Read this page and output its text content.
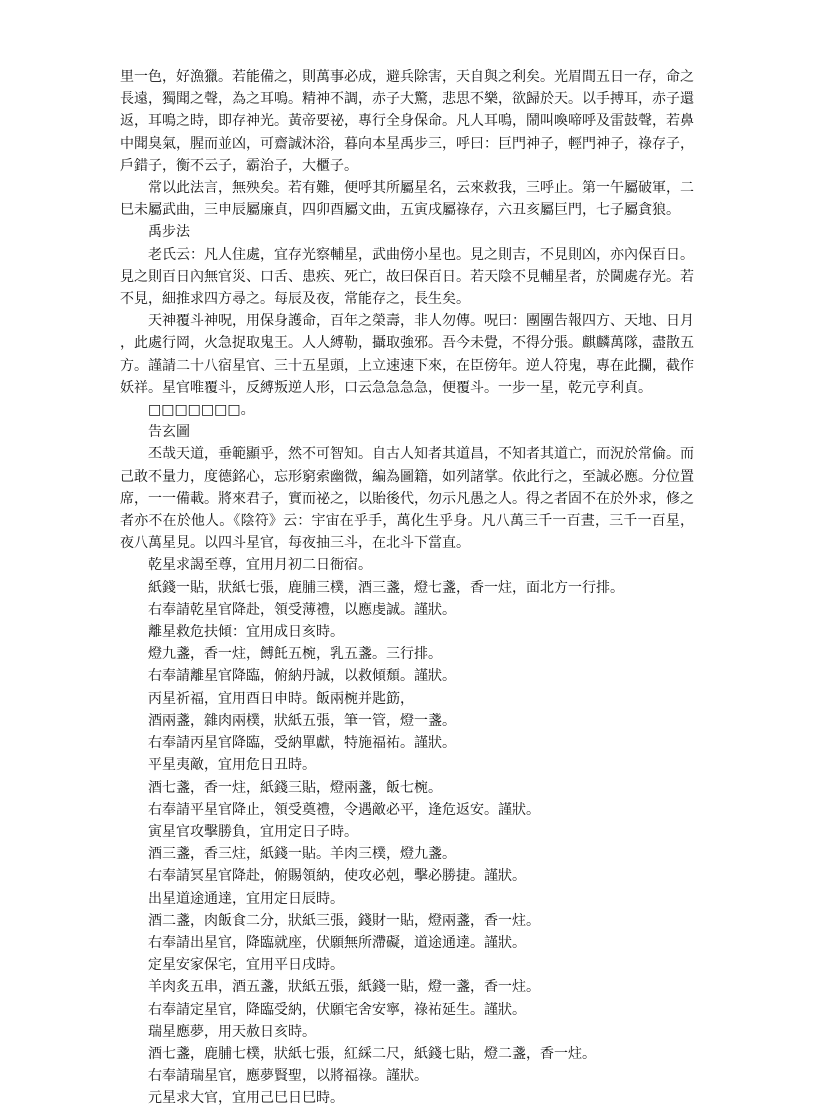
里一色，好漁獵。若能備之，則萬事必成，避兵除害，天自與之利矣。光眉間五日一存，命之長遠，獨聞之聲，為之耳鳴。精神不調，赤子大驚，悲思不樂，欲歸於天。以手搏耳，赤子還返，耳鳴之時，即存神光。黃帝要祕，專行全身保命。凡人耳鳴，鬧叫喚啼呼及雷鼓聲，若鼻中聞臭氣，腥而並凶，可齋誠沐浴，暮向本星禹步三，呼曰：巨門神子，輕門神子，祿存子，戶錯子，衡不云子，霸治子，大櫃子。

常以此法言，無殃矣。若有難，便呼其所屬星名，云來救我，三呼止。第一午屬破軍，二巳未屬武曲，三申辰屬廉貞，四卯酉屬文曲，五寅戌屬祿存，六丑亥屬巨門，七子屬貪狼。

禹步法

老氏云：凡人住處，宜存光察輔星，武曲傍小星也。見之則吉，不見則凶，亦內保百日。見之則百日內無官災、口舌、患疾、死亡，故曰保百日。若天陰不見輔星者，於閫處存光。若不見，細推求四方尋之。每辰及夜，常能存之，長生矣。

天神覆斗神呪，用保身護命，百年之榮壽，非人勿傳。呪曰：團團告報四方、天地、日月，此處行岡，火急捉取鬼王。人人縛勒，攝取強邪。吾今未覺，不得分張。麒麟萬隊，盡散五方。謹請二十八宿星官、三十五星頭，上立速速下來，在臣傍年。逆人符鬼，專在此攔，截作妖祥。星官唯覆斗，反縛叛逆人形，口云急急急急，便覆斗。一步一星，乾元亨利貞。

□□□□□□□。

告玄圖

丕哉天道，垂範顯乎，然不可智知。自古人知者其道昌，不知者其道亡，而況於常倫。而己敢不量力，度德銘心，忘形窮索幽微，編為圖籍，如列諸掌。依此行之，至誠必應。分位置席，一一備載。將來君子，實而祕之，以貽後代，勿示凡愚之人。得之者固不在於外求，修之者亦不在於他人。《陰符》云：宇宙在乎手，萬化生乎身。凡八萬三千一百晝，三千一百星，夜八萬星見。以四斗星官，每夜抽三斗，在北斗下當直。

乾星求謁至尊，宜用月初二日衙宿。

紙錢一貼，狀紙七張，鹿脯三樸，酒三盞，燈七盞，香一炷，面北方一行排。

右奉請乾星官降赴，領受薄禮，以應虔誠。謹狀。

離星救危扶傾：宜用成日亥時。

燈九盞，香一炷，餺飥五椀，乳五盞。三行排。

右奉請離星官降臨，俯納丹誠，以救傾頹。謹狀。

丙星祈福，宜用酉日申時。飯兩椀并匙筯，

酒兩盞，雜肉兩樸，狀紙五張，筆一管，燈一盞。

右奉請丙星官降臨，受納單獻，特施福祐。謹狀。

平星夷敵，宜用危日丑時。

酒七盞，香一炷，紙錢三貼，燈兩盞，飯七椀。

右奉請平星官降止，領受奠禮，令遇敵必平，逢危返安。謹狀。

寅星官攻擊勝負，宜用定日子時。

酒三盞，香三炷，紙錢一貼。羊肉三樸，燈九盞。

右奉請冥星官降赴，俯賜領納，使攻必剋，擊必勝捷。謹狀。

出星道途通達，宜用定日辰時。

酒二盞，肉飯食二分，狀紙三張，錢財一貼，燈兩盞，香一炷。

右奉請出星官，降臨就座，伏願無所滯礙，道途通達。謹狀。

定星安家保宅，宜用平日戌時。

羊肉炙五串，酒五盞，狀紙五張，紙錢一貼，燈一盞，香一炷。

右奉請定星官，降臨受納，伏願宅舍安寧，祿祐延生。謹狀。

瑞星應夢，用天赦日亥時。

酒七盞，鹿脯七樸，狀紙七張，紅綵二尺，紙錢七貼，燈二盞，香一炷。

右奉請瑞星官，應夢賢聖，以將福祿。謹狀。

元星求大官，宜用己巳日巳時。
